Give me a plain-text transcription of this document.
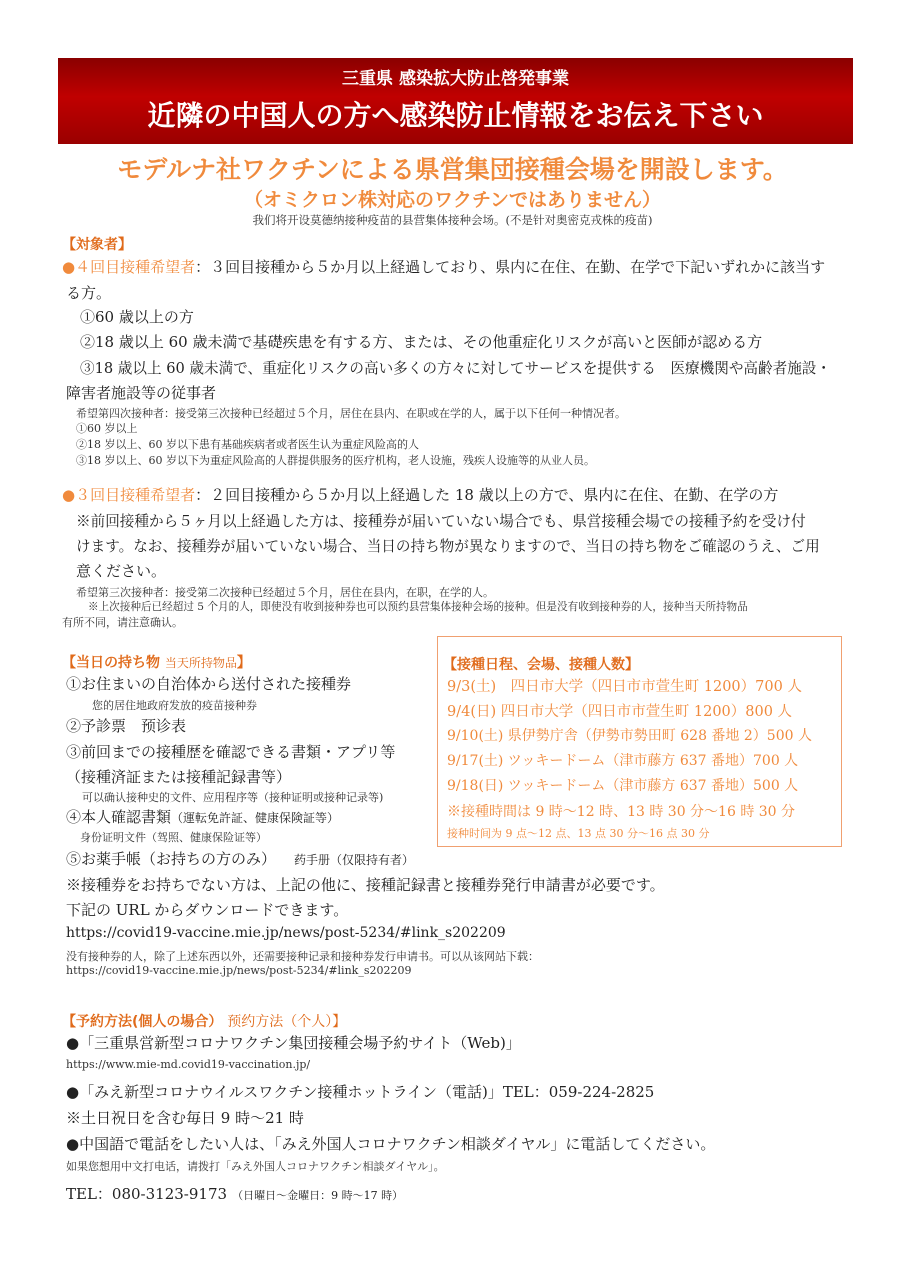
三重県 感染拡大防止啓発事業
近隣の中国人の方へ感染防止情報をお伝え下さい
モデルナ社ワクチンによる県営集団接種会場を開設します。
（オミクロン株対応のワクチンではありません）
我们将开设莫德纳接种疫苗的县营集体接种会场。(不是针对奥密克戎株的疫苗)
【対象者】
●４回目接種希望者：３回目接種から５か月以上経過しており、県内に在住、在勤、在学で下記いずれかに該当す
る方。
①60 歳以上の方
②18 歳以上 60 歳未満で基礎疾患を有する方、または、その他重症化リスクが高いと医師が認める方
③18 歳以上 60 歳未満で、重症化リスクの高い多くの方々に対してサービスを提供する　医療機関や高齢者施設・
障害者施設等の従事者
希望第四次接种者：接受第三次接种已经超过５个月，居住在县内、在职或在学的人，属于以下任何一种情况者。
①60 岁以上
②18 岁以上、60 岁以下患有基础疾病者或者医生认为重症风险高的人
③18 岁以上、60 岁以下为重症风险高的人群提供服务的医疗机构，老人设施，残疾人设施等的从业人员。
●３回目接種希望者：２回目接種から５か月以上経過した 18 歳以上の方で、県内に在住、在勤、在学の方
※前回接種から５ヶ月以上経過した方は、接種券が届いていない場合でも、県営接種会場での接種予約を受け付
けます。なお、接種券が届いていない場合、当日の持ち物が異なりますので、当日の持ち物をご確認のうえ、ご用
意ください。
希望第三次接种者：接受第二次接种已经超过５个月，居住在县内，在职，在学的人。
※上次接种后已经超过 5 个月的人，即使没有收到接种券也可以预约县营集体接种会场的接种。但是没有收到接种券的人，接种当天所持物品
有所不同，请注意确认。
【当日の持ち物 当天所持物品】
①お住まいの自治体から送付された接種券
您的居住地政府发放的疫苗接种券
②予診票　预诊表
③前回までの接種歴を確認できる書類・アプリ等
（接種済証または接種記録書等）
可以确认接种史的文件、应用程序等（接种证明或接种记录等)
④本人確認書類（運転免許証、健康保険証等）
身份证明文件（驾照、健康保险证等）
⑤お薬手帳（お持ちの方のみ） 药手册（仅限持有者）
※接種券をお持ちでない方は、上記の他に、接種記録書と接種券発行申請書が必要です。
下記の URL からダウンロードできます。
https://covid19-vaccine.mie.jp/news/post-5234/#link_s202209
没有接种券的人，除了上述东西以外，还需要接种记录和接种券发行申请书。可以从该网站下载：
https://covid19-vaccine.mie.jp/news/post-5234/#link_s202209
【接種日程、会場、接種人数】
9/3(土)　四日市大学（四日市市萱生町 1200）700 人
9/4(日) 四日市大学（四日市市萱生町 1200）800 人
9/10(土) 県伊勢庁舎（伊勢市勢田町 628 番地 2）500 人
9/17(土) ツッキードーム（津市藤方 637 番地）700 人
9/18(日) ツッキードーム（津市藤方 637 番地）500 人
※接種時間は 9 時～12 時、13 時 30 分～16 時 30 分
接种时间为 9 点～12 点、13 点 30 分～16 点 30 分
【予約方法(個人の場合） 预约方法（个人）】
●「三重県営新型コロナワクチン集団接種会場予約サイト（Web)」
https://www.mie-md.covid19-vaccination.jp/
●「みえ新型コロナウイルスワクチン接種ホットライン（電話)」TEL：059-224-2825
※土日祝日を含む毎日 9 時～21 時
●中国語で電話をしたい人は、「みえ外国人コロナワクチン相談ダイヤル」に電話してください。
如果您想用中文打电话，请拨打「みえ外国人コロナワクチン相談ダイヤル」。
TEL：080-3123-9173 （日曜日～金曜日：9 時～17 時）
